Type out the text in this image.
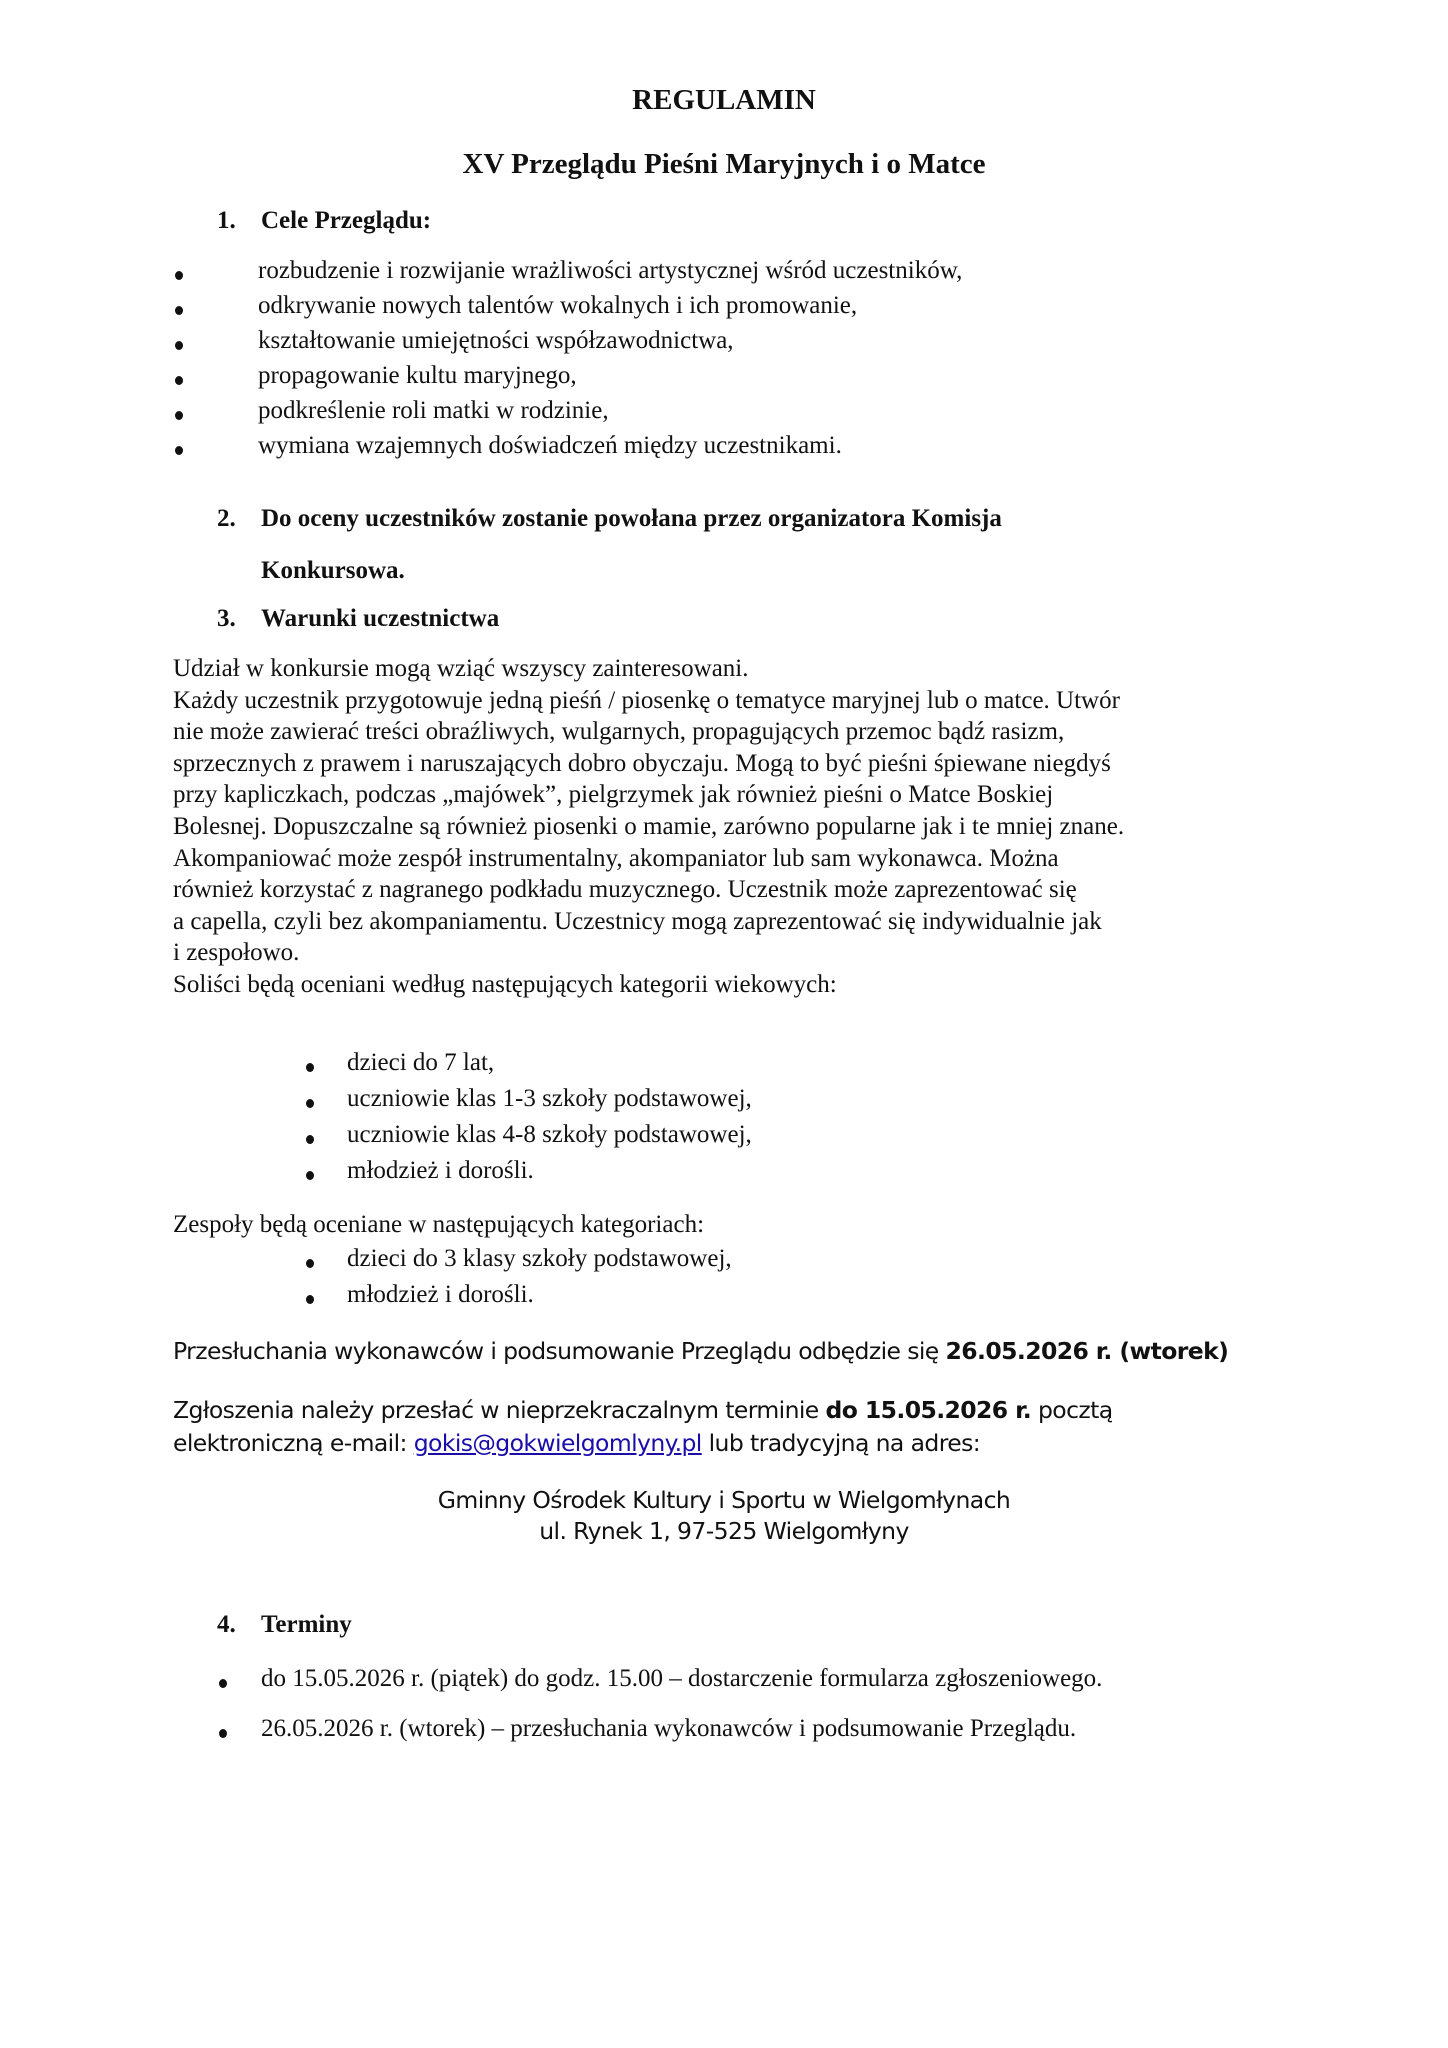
REGULAMIN
XV Przeglądu Pieśni Maryjnych i o Matce
1. Cele Przeglądu:
rozbudzenie i rozwijanie wrażliwości artystycznej wśród uczestników,
odkrywanie nowych talentów wokalnych i ich promowanie,
kształtowanie umiejętności współzawodnictwa,
propagowanie kultu maryjnego,
podkreślenie roli matki w rodzinie,
wymiana wzajemnych doświadczeń między uczestnikami.
2. Do oceny uczestników zostanie powołana przez organizatora Komisja
Konkursowa.
3. Warunki uczestnictwa
Udział w konkursie mogą wziąć wszyscy zainteresowani.
Każdy uczestnik przygotowuje jedną pieśń / piosenkę o tematyce maryjnej lub o matce. Utwór
nie może zawierać treści obraźliwych, wulgarnych, propagujących przemoc bądź rasizm,
sprzecznych z prawem i naruszających dobro obyczaju. Mogą to być pieśni śpiewane niegdyś
przy kapliczkach, podczas „majówek”, pielgrzymek jak również pieśni o Matce Boskiej
Bolesnej. Dopuszczalne są również piosenki o mamie, zarówno popularne jak i te mniej znane.
Akompaniować może zespół instrumentalny, akompaniator lub sam wykonawca. Można
również korzystać z nagranego podkładu muzycznego. Uczestnik może zaprezentować się
a capella, czyli bez akompaniamentu. Uczestnicy mogą zaprezentować się indywidualnie jak
i zespołowo.
Soliści będą oceniani według następujących kategorii wiekowych:
dzieci do 7 lat,
uczniowie klas 1-3 szkoły podstawowej,
uczniowie klas 4-8 szkoły podstawowej,
młodzież i dorośli.
Zespoły będą oceniane w następujących kategoriach:
dzieci do 3 klasy szkoły podstawowej,
młodzież i dorośli.
Przesłuchania wykonawców i podsumowanie Przeglądu odbędzie się 26.05.2026 r. (wtorek)
Zgłoszenia należy przesłać w nieprzekraczalnym terminie do 15.05.2026 r. pocztą
elektroniczną e-mail: gokis@gokwielgomlyny.pl lub tradycyjną na adres:
Gminny Ośrodek Kultury i Sportu w Wielgomłynach
ul. Rynek 1, 97-525 Wielgomłyny
4. Terminy
do 15.05.2026 r. (piątek) do godz. 15.00 – dostarczenie formularza zgłoszeniowego.
26.05.2026 r. (wtorek) – przesłuchania wykonawców i podsumowanie Przeglądu.
